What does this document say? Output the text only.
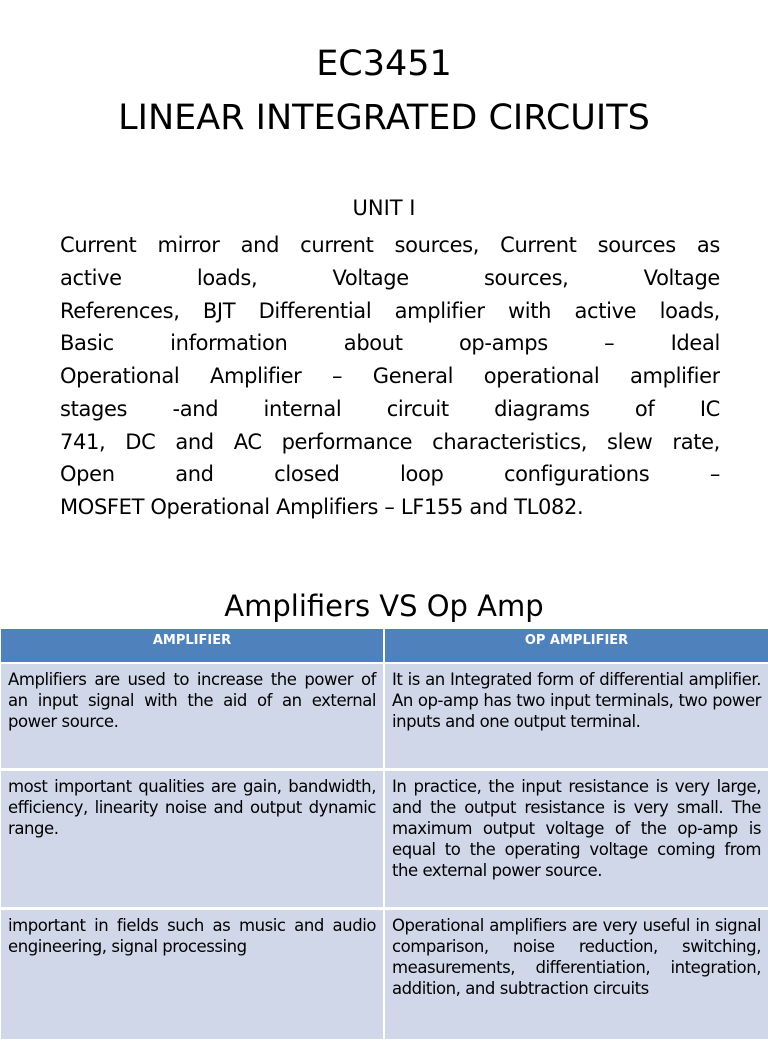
EC3451
LINEAR INTEGRATED CIRCUITS
UNIT I
Current mirror and current sources, Current sources as
active loads, Voltage sources, Voltage
References, BJT Differential amplifier with active loads,
Basic information about op-amps – Ideal
Operational Amplifier – General operational amplifier
stages -and internal circuit diagrams of IC
741, DC and AC performance characteristics, slew rate,
Open and closed loop configurations –
MOSFET Operational Amplifiers – LF155 and TL082.
Amplifiers VS Op Amp
AMPLIFIER	OP AMPLIFIER
Amplifiers are used to increase the power of an input signal with the aid of an external power source.	It is an Integrated form of differential amplifier. An op-amp has two input terminals, two power inputs and one output terminal.
most important qualities are gain, bandwidth, efficiency, linearity noise and output dynamic range.	In practice, the input resistance is very large, and the output resistance is very small. The maximum output voltage of the op-amp is equal to the operating voltage coming from the external power source.
important in fields such as music and audio engineering, signal processing	Operational amplifiers are very useful in signal comparison, noise reduction, switching, measurements, differentiation, integration, addition, and subtraction circuits
